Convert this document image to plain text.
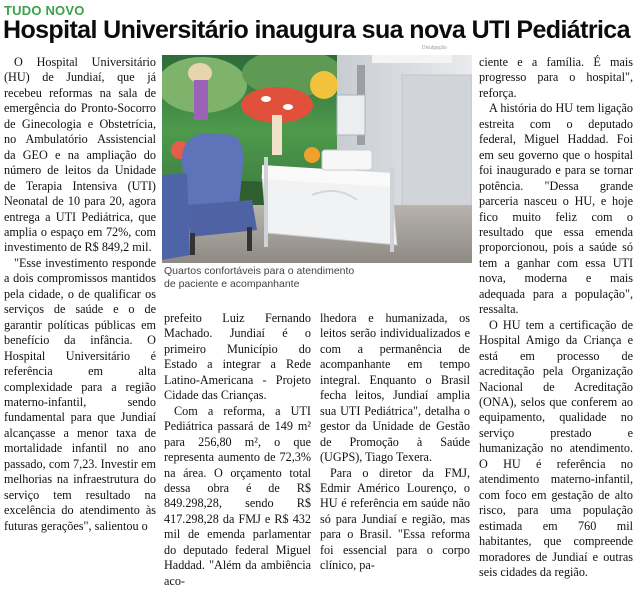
TUDO NOVO
Hospital Universitário inaugura sua nova UTI Pediátrica
Divulgação

O Hospital Universitário (HU) de Jundiaí, que já recebeu reformas na sala de emergência do Pronto-Socorro de Ginecologia e Obstetrícia, no Ambulatório Assistencial da GEO e na ampliação do número de leitos da Unidade de Terapia Intensiva (UTI) Neonatal de 10 para 20, agora entrega a UTI Pediátrica, que amplia o espaço em 72%, com investimento de R$ 849,2 mil.

"Esse investimento responde a dois compromissos mantidos pela cidade, o de qualificar os serviços de saúde e o de garantir políticas públicas em benefício da infância. O Hospital Universitário é referência em alta complexidade para a região materno-infantil, sendo fundamental para que Jundiaí alcançasse a menor taxa de mortalidade infantil no ano passado, com 7,23. Investir em melhorias na infraestrutura do serviço tem resultado na excelência do atendimento às futuras gerações", salientou o

Quartos confortáveis para o atendimento
de paciente e acompanhante

prefeito Luiz Fernando Machado. Jundiaí é o primeiro Município do Estado a integrar a Rede Latino-Americana - Projeto Cidade das Crianças.

Com a reforma, a UTI Pediátrica passará de 149 m² para 256,80 m², o que representa aumento de 72,3% na área. O orçamento total dessa obra é de R$ 849.298,28, sendo R$ 417.298,28 da FMJ e R$ 432 mil de emenda parlamentar do deputado federal Miguel Haddad. "Além da ambiência aco-

lhedora e humanizada, os leitos serão individualizados e com a permanência de acompanhante em tempo integral. Enquanto o Brasil fecha leitos, Jundiaí amplia sua UTI Pediátrica", detalha o gestor da Unidade de Gestão de Promoção à Saúde (UGPS), Tiago Texera.

Para o diretor da FMJ, Edmir Américo Lourenço, o HU é referência em saúde não só para Jundiaí e região, mas para o Brasil. "Essa reforma foi essencial para o corpo clínico, pa-

ciente e a família. É mais progresso para o hospital", reforça.

A história do HU tem ligação estreita com o deputado federal, Miguel Haddad. Foi em seu governo que o hospital foi inaugurado e para se tornar potência. "Dessa grande parceria nasceu o HU, e hoje fico muito feliz com o resultado que essa emenda proporcionou, pois a saúde só tem a ganhar com essa UTI nova, moderna e mais adequada para a população", ressalta.

O HU tem a certificação de Hospital Amigo da Criança e está em processo de acreditação pela Organização Nacional de Acreditação (ONA), selos que conferem ao equipamento, qualidade no serviço prestado e humanização no atendimento. O HU é referência no atendimento materno-infantil, com foco em gestação de alto risco, para uma população estimada em 760 mil habitantes, que compreende moradores de Jundiaí e outras seis cidades da região.
